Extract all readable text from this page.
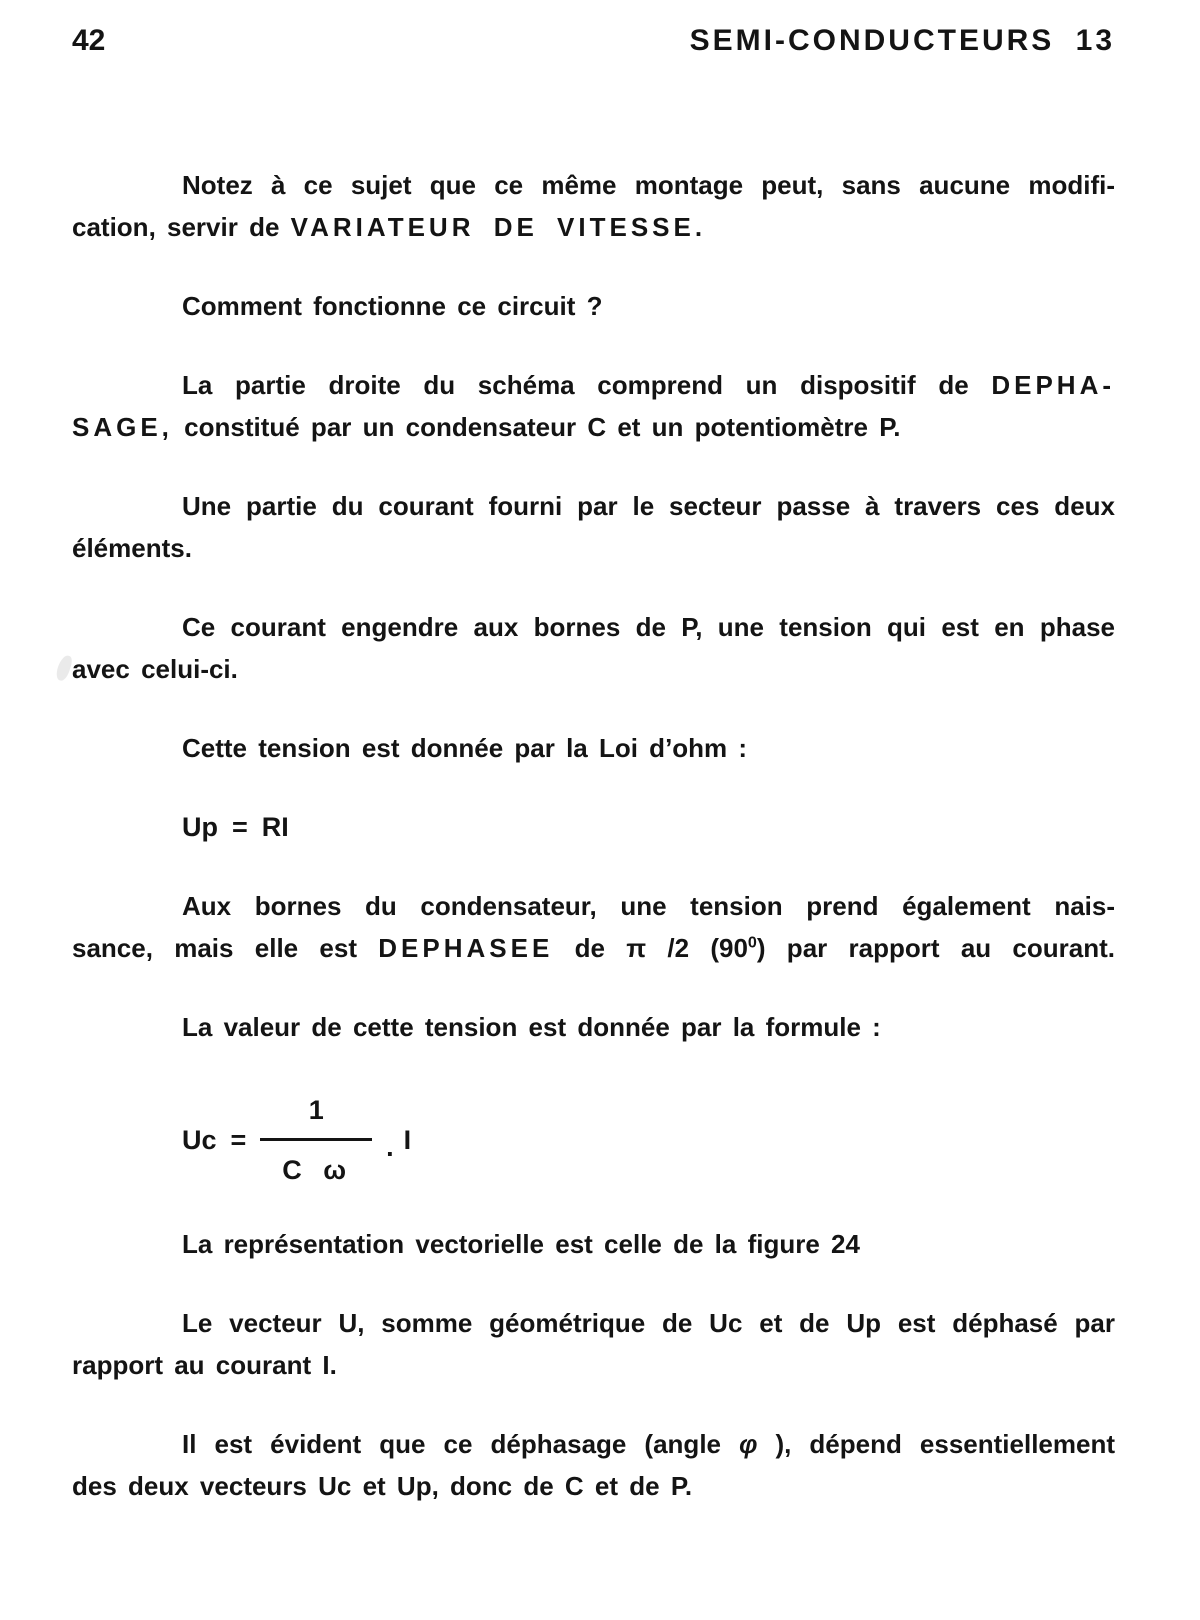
42	SEMI-CONDUCTEURS 13

Notez à ce sujet que ce même montage peut, sans aucune modifi-
cation, servir de VARIATEUR DE VITESSE.

Comment fonctionne ce circuit ?

La partie droite du schéma comprend un dispositif de DEPHA-
SAGE, constitué par un condensateur C et un potentiomètre P.

Une partie du courant fourni par le secteur passe à travers ces deux
éléments.

Ce courant engendre aux bornes de P, une tension qui est en phase
avec celui-ci.

Cette tension est donnée par la Loi d’ohm :

Up = RI

Aux bornes du condensateur, une tension prend également nais-
sance, mais elle est DEPHASEE de π /2 $(90^0)$ par rapport au courant.

La valeur de cette tension est donnée par la formule :

$Uc = \frac{1}{\text{C ω}}$ . I

La représentation vectorielle est celle de la figure 24

Le vecteur U, somme géométrique de Uc et de Up est déphasé par
rapport au courant I.

Il est évident que ce déphasage (angle φ ), dépend essentiellement
des deux vecteurs Uc et Up, donc de C et de P.
